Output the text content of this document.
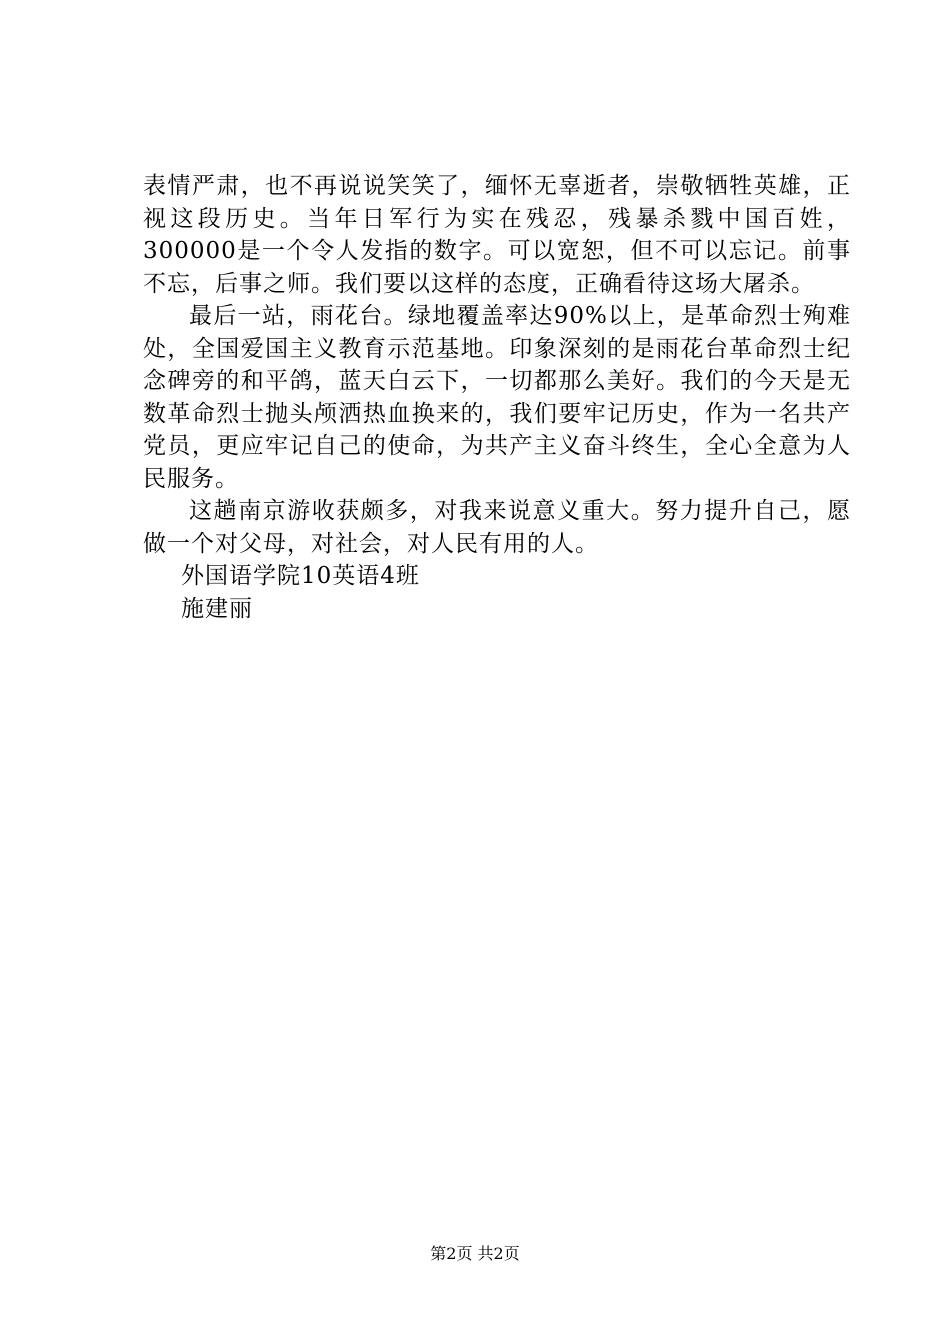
表情严肃，也不再说说笑笑了，缅怀无辜逝者，崇敬牺牲英雄，正视这段历史。当年日军行为实在残忍，残暴杀戮中国百姓，300000是一个令人发指的数字。可以宽恕，但不可以忘记。前事不忘，后事之师。我们要以这样的态度，正确看待这场大屠杀。

最后一站，雨花台。绿地覆盖率达90%以上，是革命烈士殉难处，全国爱国主义教育示范基地。印象深刻的是雨花台革命烈士纪念碑旁的和平鸽，蓝天白云下，一切都那么美好。我们的今天是无数革命烈士抛头颅洒热血换来的，我们要牢记历史，作为一名共产党员，更应牢记自己的使命，为共产主义奋斗终生，全心全意为人民服务。

这趟南京游收获颇多，对我来说意义重大。努力提升自己，愿做一个对父母，对社会，对人民有用的人。

外国语学院10英语4班

施建丽

第2页 共2页
